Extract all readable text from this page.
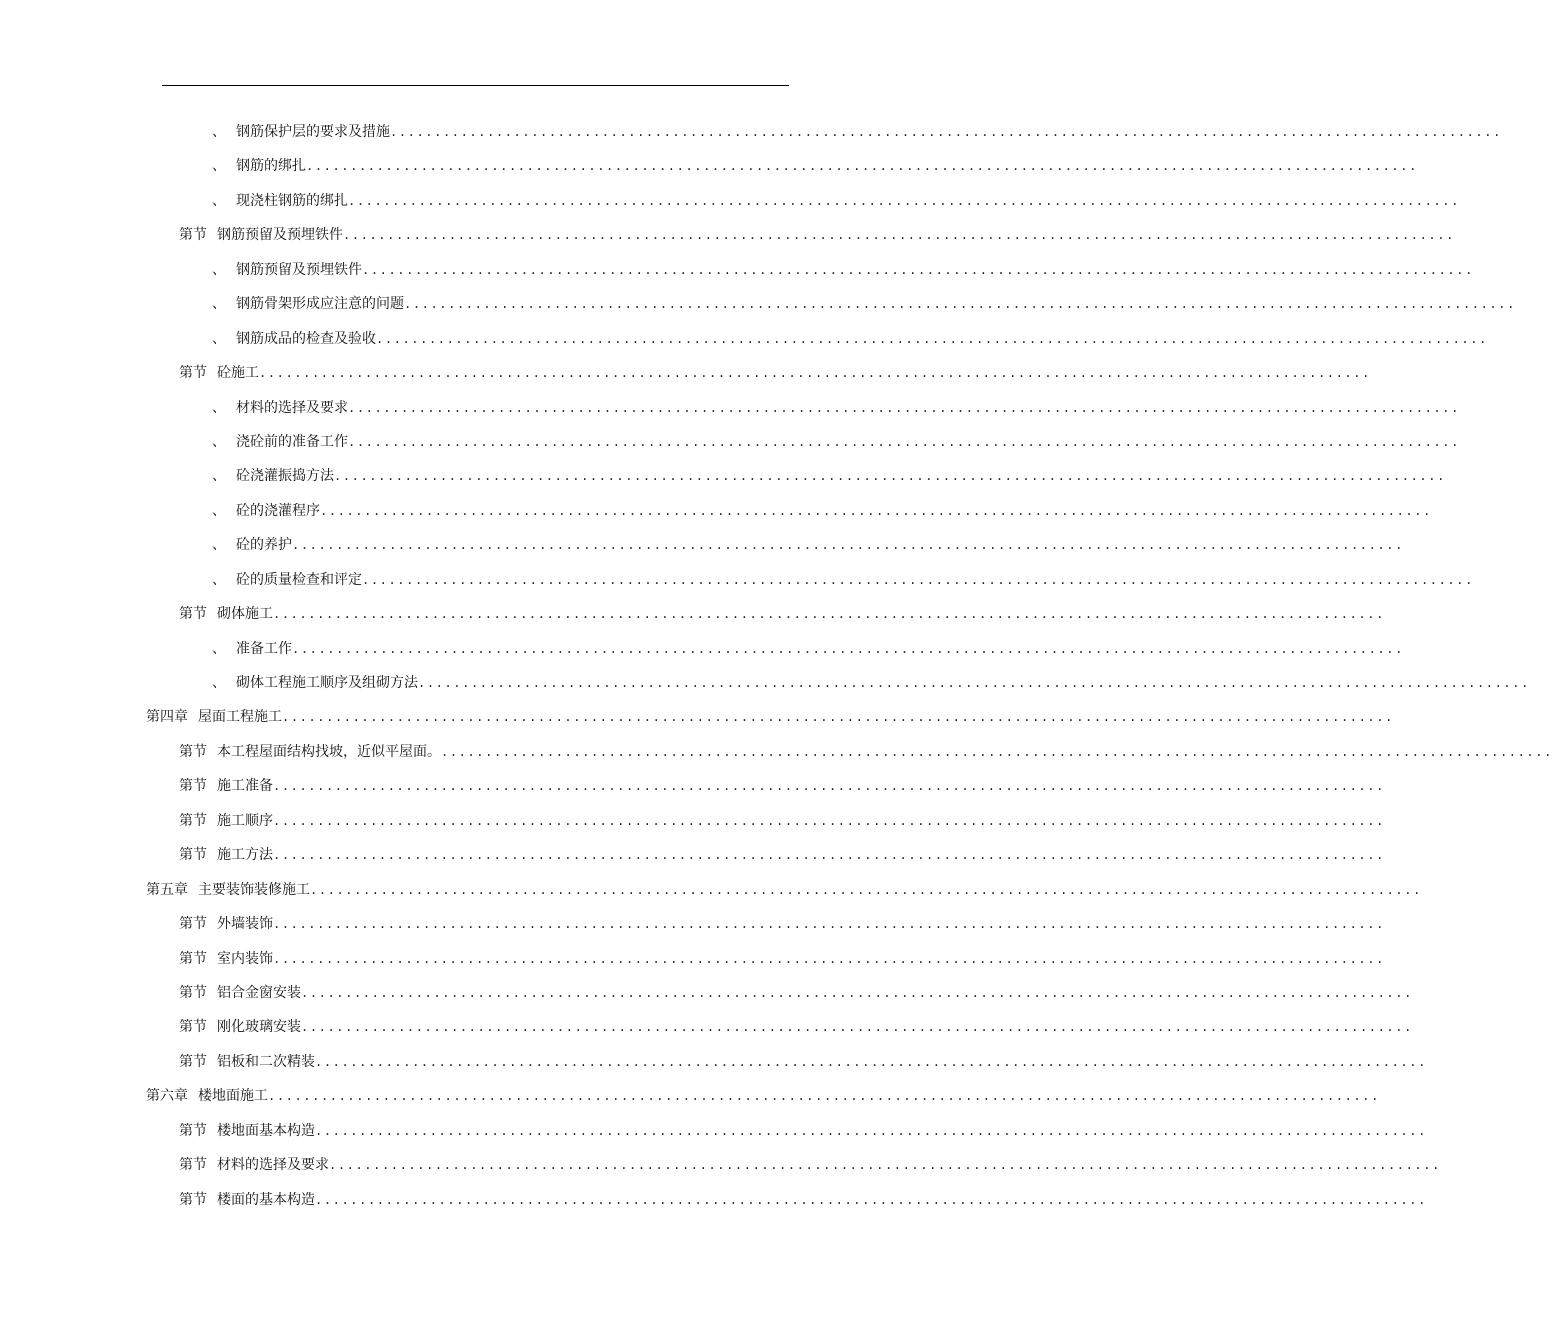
、 钢筋保护层的要求及措施 ..............................................................................................................................
、 钢筋的绑扎 ..............................................................................................................................
、 现浇柱钢筋的绑扎 ..............................................................................................................................
第节 钢筋预留及预埋铁件 ..............................................................................................................................
、 钢筋预留及预埋铁件 ..............................................................................................................................
、 钢筋骨架形成应注意的问题 ..............................................................................................................................
、 钢筋成品的检查及验收 ..............................................................................................................................
第节 砼施工 ..............................................................................................................................
、 材料的选择及要求 ..............................................................................................................................
、 浇砼前的准备工作 ..............................................................................................................................
、 砼浇灌振捣方法 ..............................................................................................................................
、 砼的浇灌程序 ..............................................................................................................................
、 砼的养护 ..............................................................................................................................
、 砼的质量检查和评定 ..............................................................................................................................
第节 砌体施工 ..............................................................................................................................
、 准备工作 ..............................................................................................................................
、 砌体工程施工顺序及组砌方法 ..............................................................................................................................
第四章 屋面工程施工 ..............................................................................................................................
第节 本工程屋面结构找坡，近似平屋面。 ..............................................................................................................................
第节 施工准备 ..............................................................................................................................
第节 施工顺序 ..............................................................................................................................
第节 施工方法 ..............................................................................................................................
第五章 主要装饰装修施工 ..............................................................................................................................
第节 外墙装饰 ..............................................................................................................................
第节 室内装饰 ..............................................................................................................................
第节 铝合金窗安装 ..............................................................................................................................
第节 刚化玻璃安装 ..............................................................................................................................
第节 铝板和二次精装 ..............................................................................................................................
第六章 楼地面施工 ..............................................................................................................................
第节 楼地面基本构造 ..............................................................................................................................
第节 材料的选择及要求 ..............................................................................................................................
第节 楼面的基本构造 ..............................................................................................................................
